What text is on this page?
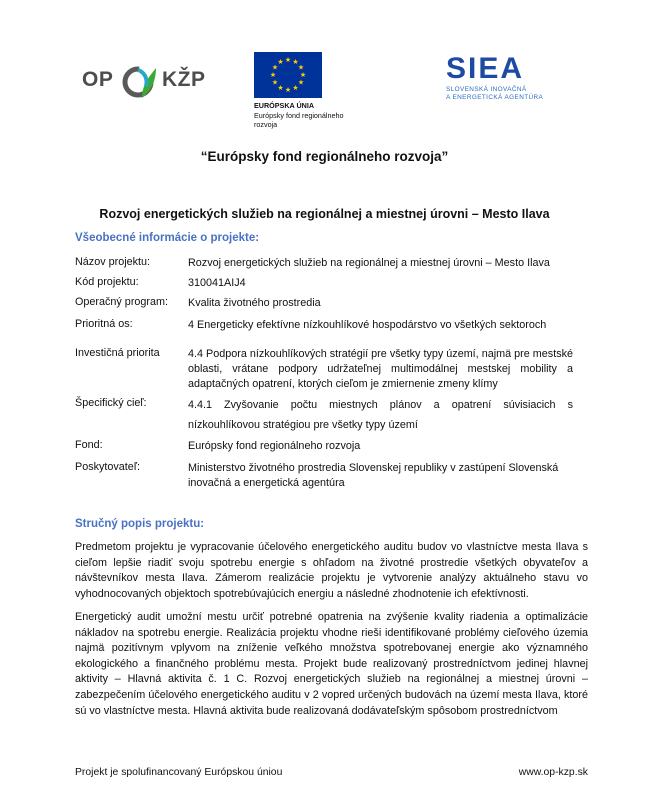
OP KŽP
★ ★
★
★
★
★
★
★
★
★
★
★
EURÓPSKA ÚNIA
Európsky fond regionálneho
rozvoja
SIEA
SLOVENSKÁ INOVAČNÁ
A ENERGETICKÁ AGENTÚRA
“Európsky fond regionálneho rozvoja”
Rozvoj energetických služieb na regionálnej a miestnej úrovni – Mesto Ilava
Všeobecné informácie o projekte:
Názov projektu:	Rozvoj energetických služieb na regionálnej a miestnej úrovni – Mesto Ilava
Kód projektu:	310041AIJ4
Operačný program:	Kvalita životného prostredia
Prioritná os:	4 Energeticky efektívne nízkouhlíkové hospodárstvo vo všetkých sektoroch
Investičná priorita	4.4 Podpora nízkouhlíkových stratégií pre všetky typy území, najmä pre mestské oblasti, vrátane podpory udržateľnej multimodálnej mestskej mobility a adaptačných opatrení, ktorých cieľom je zmiernenie zmeny klímy
Špecifický cieľ:	4.4.1 Zvyšovanie počtu miestnych plánov a opatrení súvisiacich s nízkouhlíkovou stratégiou pre všetky typy území
Fond:	Európsky fond regionálneho rozvoja
Poskytovateľ:	Ministerstvo životného prostredia Slovenskej republiky v zastúpení Slovenská inovačná a energetická agentúra
Stručný popis projektu:

Predmetom projektu je vypracovanie účelového energetického auditu budov vo vlastníctve mesta Ilava s cieľom lepšie riadiť svoju spotrebu energie s ohľadom na životné prostredie všetkých obyvateľov a návštevníkov mesta Ilava. Zámerom realizácie projektu je vytvorenie analýzy aktuálneho stavu vo vyhodnocovaných objektoch spotrebúvajúcich energiu a následné zhodnotenie ich efektívnosti.

Energetický audit umožní mestu určiť potrebné opatrenia na zvýšenie kvality riadenia a optimalizácie nákladov na spotrebu energie. Realizácia projektu vhodne rieši identifikované problémy cieľového územia najmä pozitívnym vplyvom na zníženie veľkého množstva spotrebovanej energie ako významného ekologického a finančného problému mesta. Projekt bude realizovaný prostredníctvom jedinej hlavnej aktivity – Hlavná aktivita č. 1 C. Rozvoj energetických služieb na regionálnej a miestnej úrovni – zabezpečením účelového energetického auditu v 2 vopred určených budovách na území mesta Ilava, ktoré sú vo vlastníctve mesta. Hlavná aktivita bude realizovaná dodávateľským spôsobom prostredníctvom

Projekt je spolufinancovaný Európskou úniou	www.op-kzp.sk
